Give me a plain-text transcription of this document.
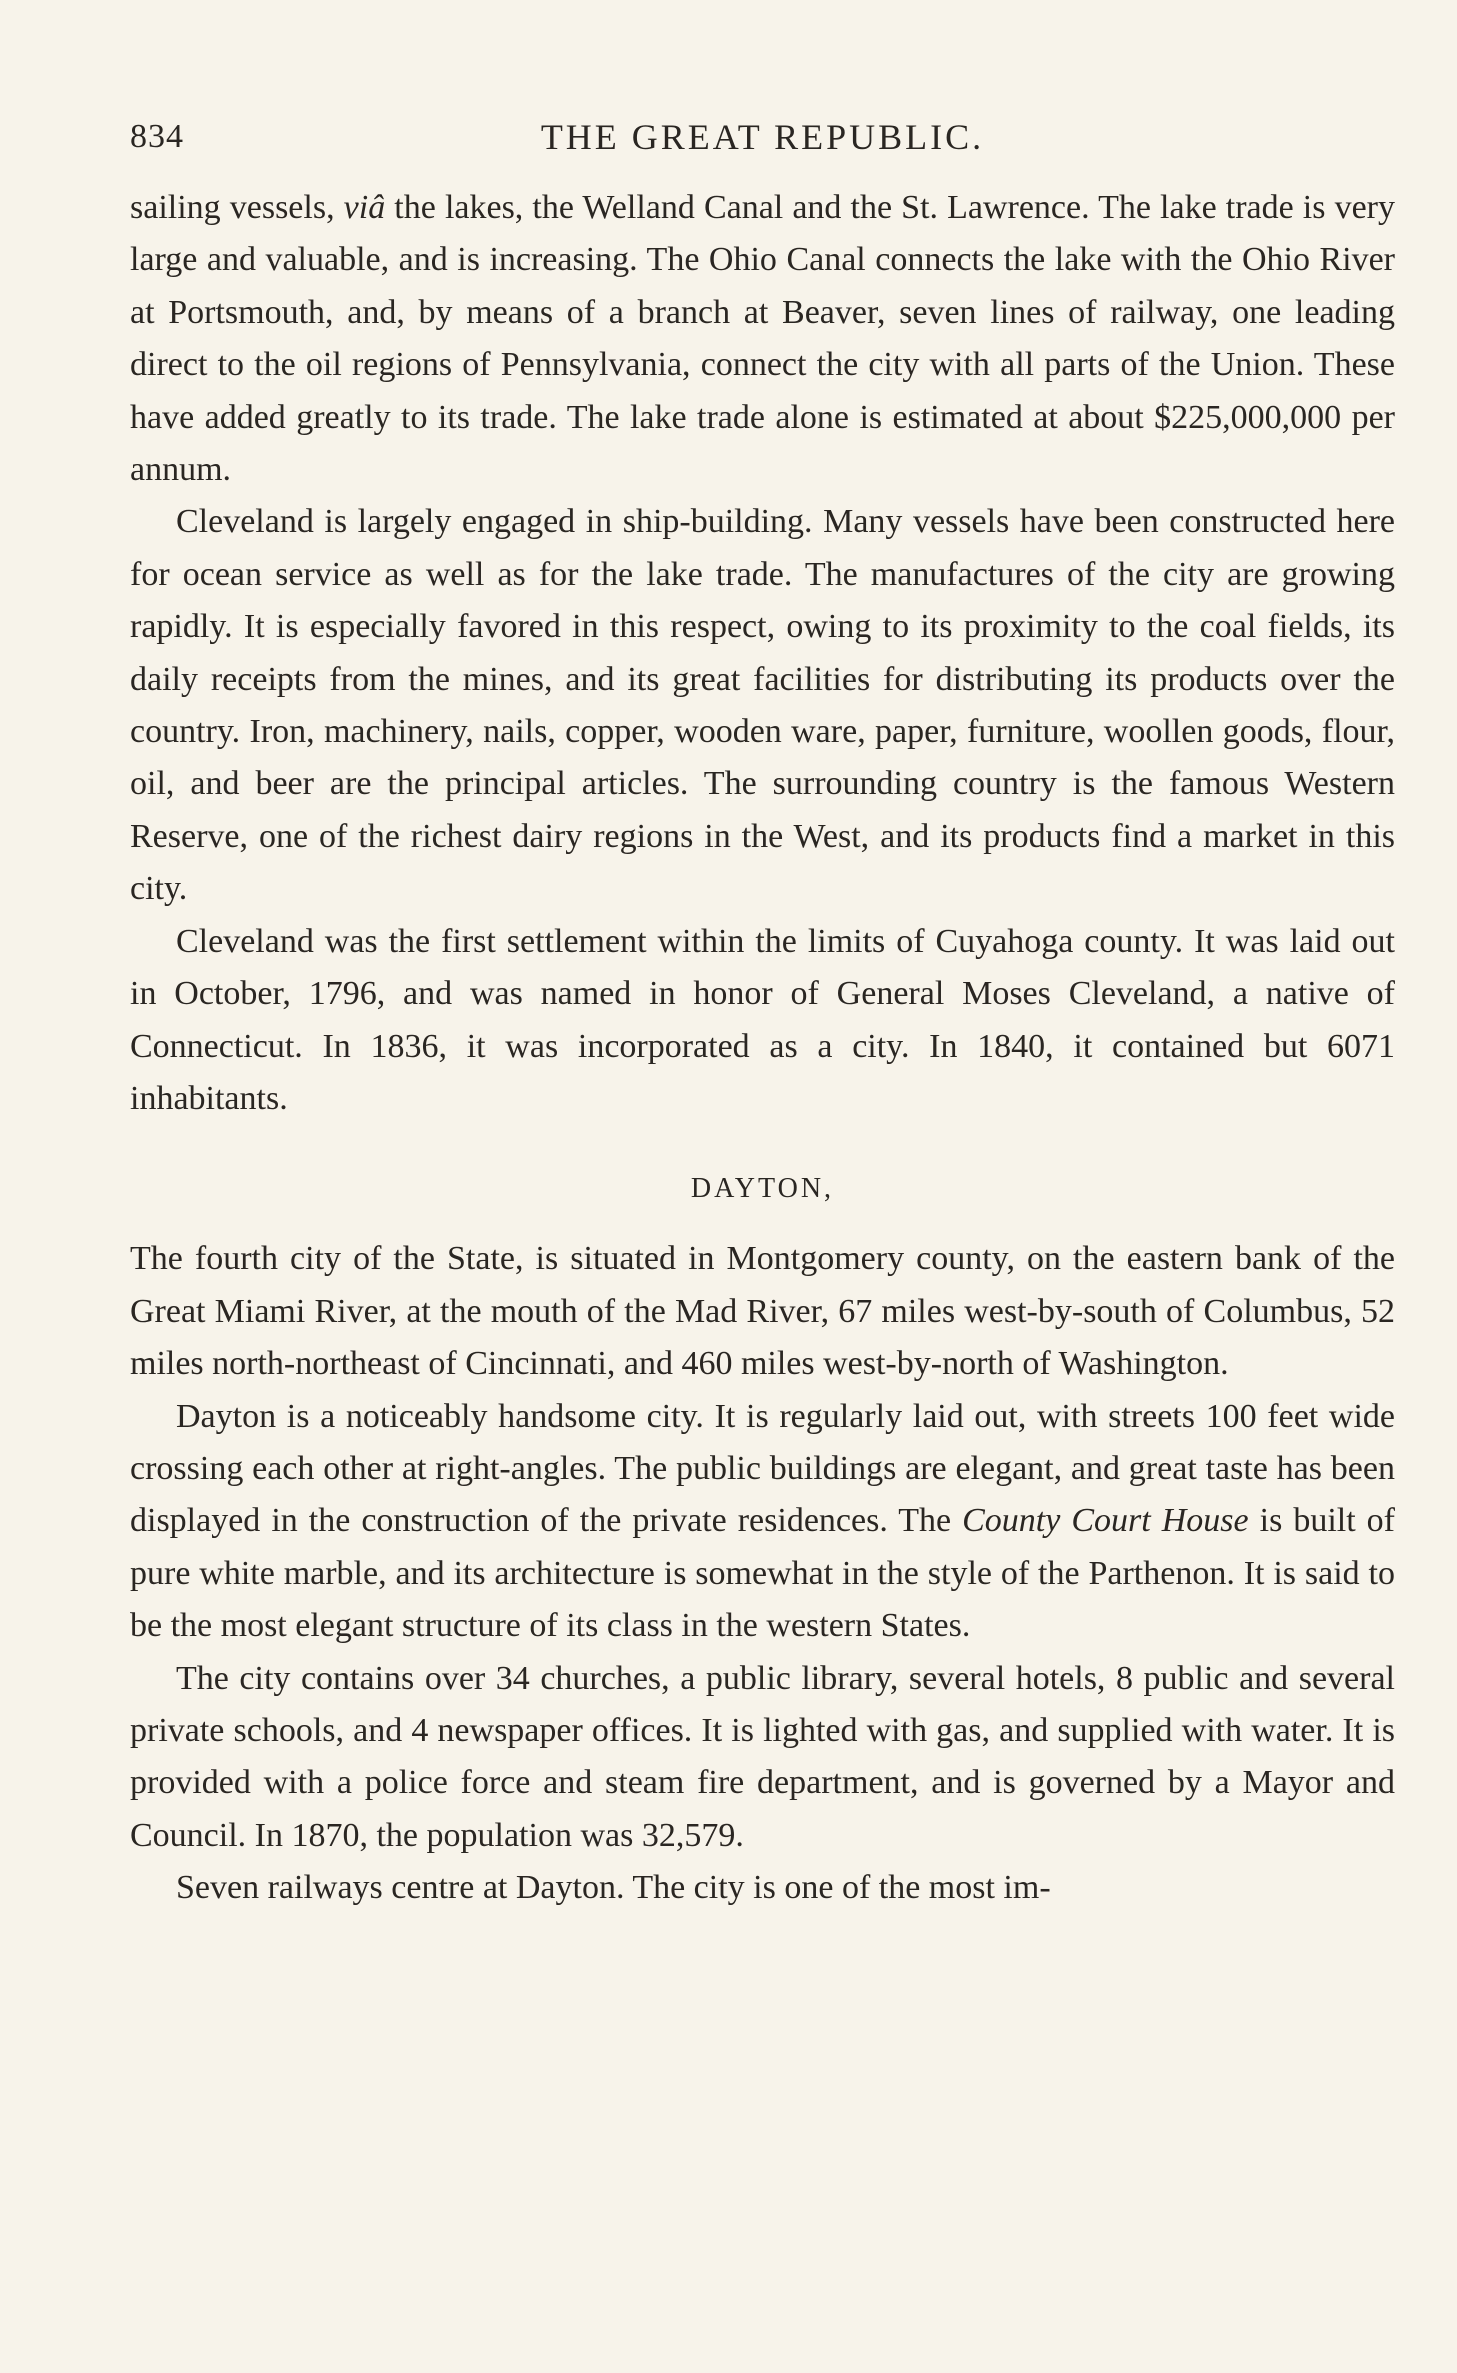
834	THE GREAT REPUBLIC.

sailing vessels, viâ the lakes, the Welland Canal and the St. Lawrence. The lake trade is very large and valuable, and is increasing. The Ohio Canal connects the lake with the Ohio River at Portsmouth, and, by means of a branch at Beaver, seven lines of railway, one leading direct to the oil regions of Pennsylvania, connect the city with all parts of the Union. These have added greatly to its trade. The lake trade alone is estimated at about $225,000,000 per annum.

Cleveland is largely engaged in ship-building. Many vessels have been constructed here for ocean service as well as for the lake trade. The manufactures of the city are growing rapidly. It is especially favored in this respect, owing to its proximity to the coal fields, its daily receipts from the mines, and its great facilities for distributing its products over the country. Iron, machinery, nails, copper, wooden ware, paper, furniture, woollen goods, flour, oil, and beer are the principal articles. The surrounding country is the famous Western Reserve, one of the richest dairy regions in the West, and its products find a market in this city.

Cleveland was the first settlement within the limits of Cuyahoga county. It was laid out in October, 1796, and was named in honor of General Moses Cleveland, a native of Connecticut. In 1836, it was incorporated as a city. In 1840, it contained but 6071 inhabitants.

DAYTON,

The fourth city of the State, is situated in Montgomery county, on the eastern bank of the Great Miami River, at the mouth of the Mad River, 67 miles west-by-south of Columbus, 52 miles north-northeast of Cincinnati, and 460 miles west-by-north of Washington.

Dayton is a noticeably handsome city. It is regularly laid out, with streets 100 feet wide crossing each other at right-angles. The public buildings are elegant, and great taste has been displayed in the construction of the private residences. The County Court House is built of pure white marble, and its architecture is somewhat in the style of the Parthenon. It is said to be the most elegant structure of its class in the western States.

The city contains over 34 churches, a public library, several hotels, 8 public and several private schools, and 4 newspaper offices. It is lighted with gas, and supplied with water. It is provided with a police force and steam fire department, and is governed by a Mayor and Council. In 1870, the population was 32,579.

Seven railways centre at Dayton. The city is one of the most im-
